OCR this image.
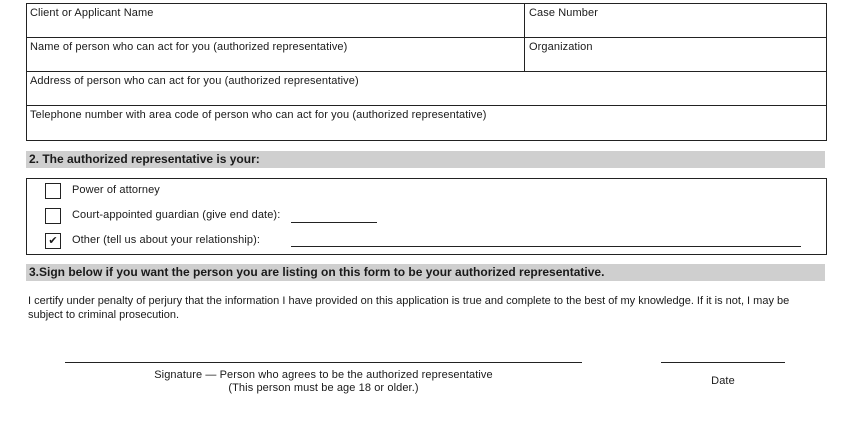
Client or Applicant Name	Case Number
Name of person who can act for you (authorized representative)	Organization
Address of person who can act for you (authorized representative)
Telephone number with area code of person who can act for you (authorized representative)
2. The authorized representative is your:
Power of attorney
Court-appointed guardian (give end date):
✔	Other (tell us about your relationship):
3.Sign below if you want the person you are listing on this form to be your authorized representative.
I certify under penalty of perjury that the information I have provided on this application is true and complete to the best of my knowledge. If it is not, I may be subject to criminal prosecution.
Signature — Person who agrees to be the authorized representative
(This person must be age 18 or older.)
Date
